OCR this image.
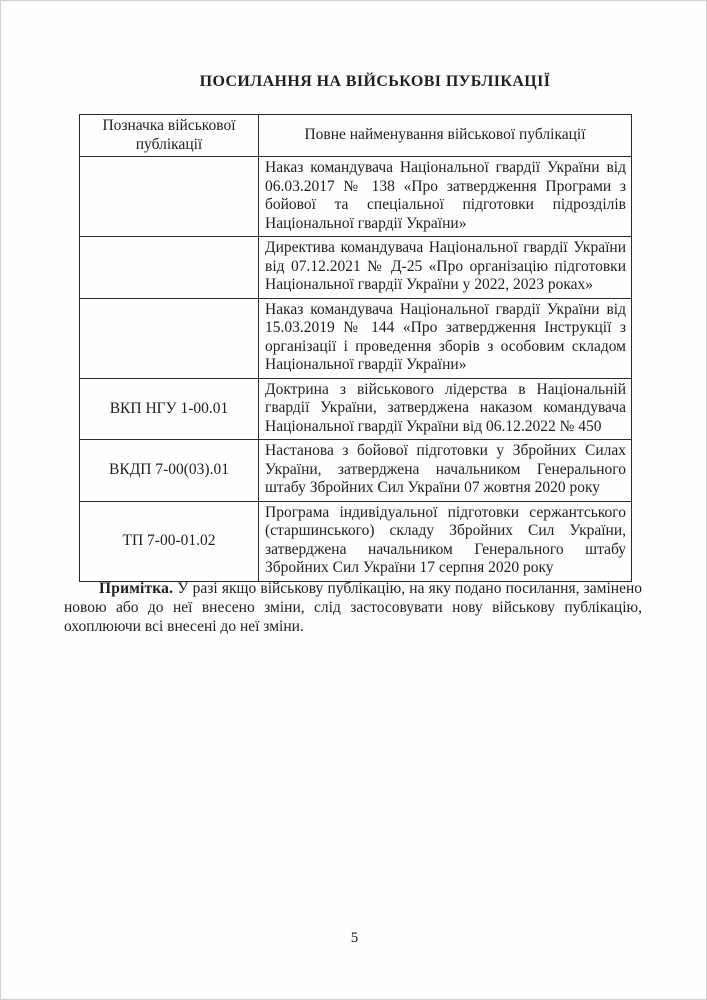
ПОСИЛАННЯ НА ВІЙСЬКОВІ ПУБЛІКАЦІЇ
Позначка військової публікації	Повне найменування військової публікації
	Наказ командувача Національної гвардії України від 06.03.2017 № 138 «Про затвердження Програми з бойової та спеціальної підготовки підрозділів Національної гвардії України»
	Директива командувача Національної гвардії України від 07.12.2021 № Д-25 «Про організацію підготовки Національної гвардії України у 2022, 2023 роках»
	Наказ командувача Національної гвардії України від 15.03.2019 № 144 «Про затвердження Інструкції з організації і проведення зборів з особовим складом Національної гвардії України»
ВКП НГУ 1-00.01	Доктрина з військового лідерства в Національній гвардії України, затверджена наказом командувача Національної гвардії України від 06.12.2022 № 450
ВКДП 7-00(03).01	Настанова з бойової підготовки у Збройних Силах України, затверджена начальником Генерального штабу Збройних Сил України 07 жовтня 2020 року
ТП 7-00-01.02	Програма індивідуальної підготовки сержантського (старшинського) складу Збройних Сил України, затверджена начальником Генерального штабу Збройних Сил України 17 серпня 2020 року

Примітка. У разі якщо військову публікацію, на яку подано посилання, замінено новою або до неї внесено зміни, слід застосовувати нову військову публікацію, охоплюючи всі внесені до неї зміни.

5
